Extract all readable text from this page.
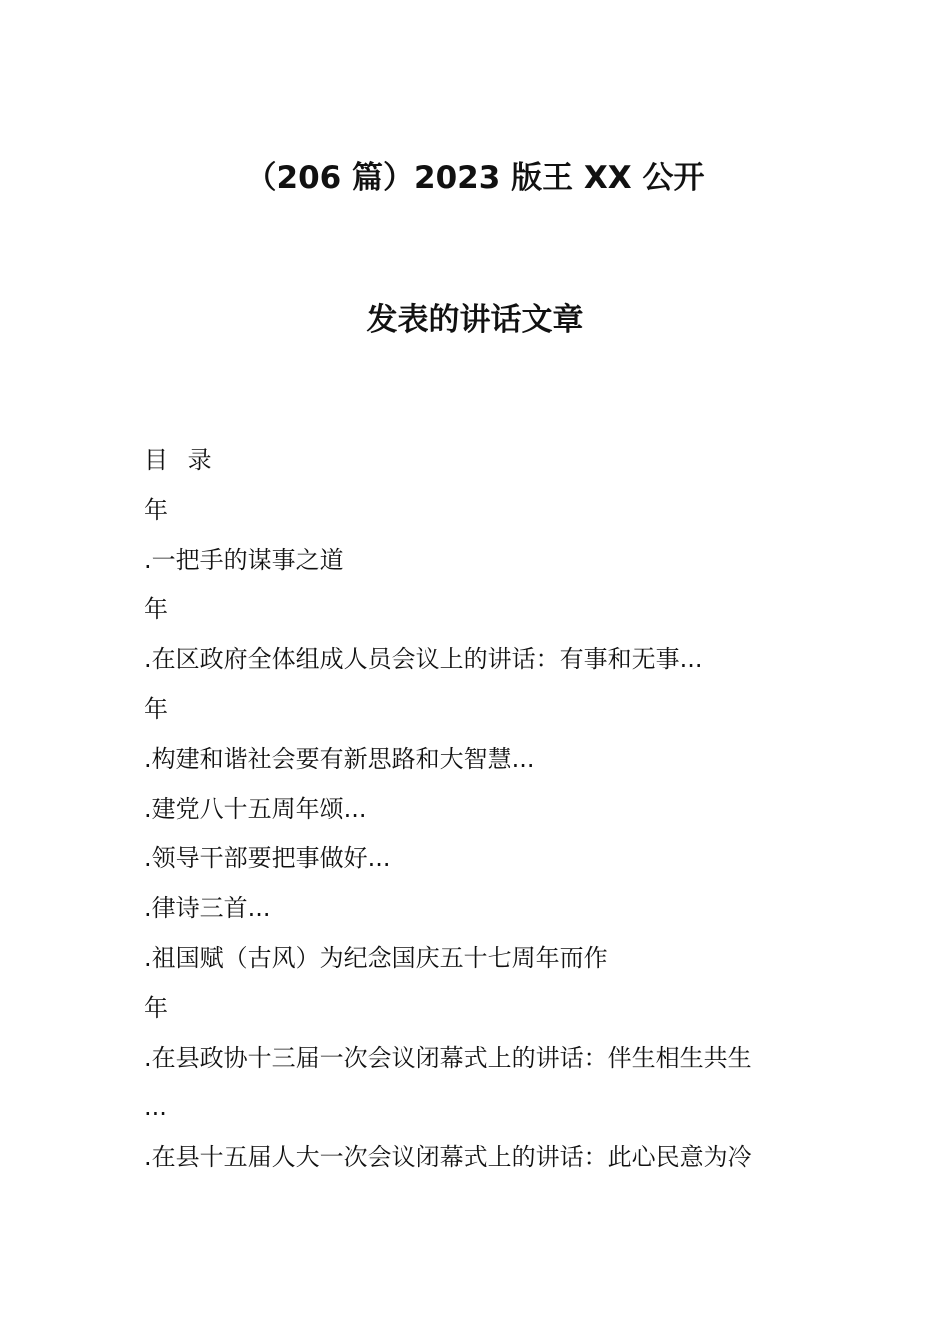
（206 篇）2023 版王 XX 公开
发表的讲话文章
目 录
年
.一把手的谋事之道
年
.在区政府全体组成人员会议上的讲话：有事和无事...
年
.构建和谐社会要有新思路和大智慧...
.建党八十五周年颂...
.领导干部要把事做好...
.律诗三首...
.祖国赋（古风）为纪念国庆五十七周年而作
年
.在县政协十三届一次会议闭幕式上的讲话：伴生相生共生
...
.在县十五届人大一次会议闭幕式上的讲话：此心民意为冷
